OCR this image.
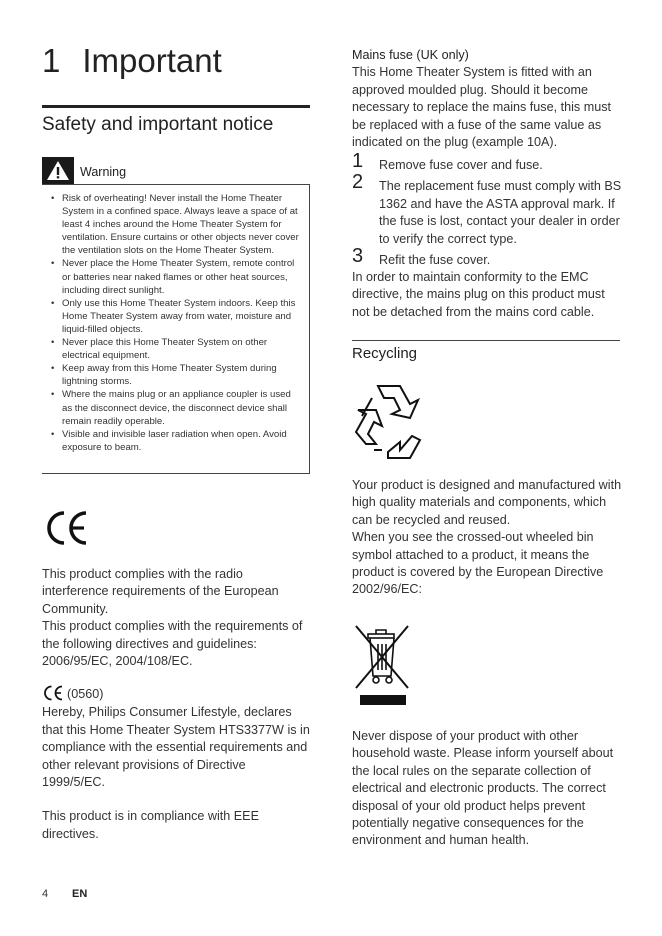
1 Important
Safety and important notice
Warning
• Risk of overheating! Never install the Home Theater System in a confined space. Always leave a space of at least 4 inches around the Home Theater System for ventilation. Ensure curtains or other objects never cover the ventilation slots on the Home Theater System.
• Never place the Home Theater System, remote control or batteries near naked flames or other heat sources, including direct sunlight.
• Only use this Home Theater System indoors. Keep this Home Theater System away from water, moisture and liquid-filled objects.
• Never place this Home Theater System on other electrical equipment.
• Keep away from this Home Theater System during lightning storms.
• Where the mains plug or an appliance coupler is used as the disconnect device, the disconnect device shall remain readily operable.
• Visible and invisible laser radiation when open. Avoid exposure to beam.

This product complies with the radio interference requirements of the European Community.

This product complies with the requirements of the following directives and guidelines: 2006/95/EC, 2004/108/EC.

(0560)

Hereby, Philips Consumer Lifestyle, declares that this Home Theater System HTS3377W is in compliance with the essential requirements and other relevant provisions of Directive 1999/5/EC.

This product is in compliance with EEE directives.

Mains fuse (UK only)

This Home Theater System is fitted with an approved moulded plug. Should it become necessary to replace the mains fuse, this must be replaced with a fuse of the same value as indicated on the plug (example 10A).

1 Remove fuse cover and fuse.
2 The replacement fuse must comply with BS 1362 and have the ASTA approval mark. If the fuse is lost, contact your dealer in order to verify the correct type.
3 Refit the fuse cover.
In order to maintain conformity to the EMC directive, the mains plug on this product must not be detached from the mains cord cable.
Recycling

Your product is designed and manufactured with high quality materials and components, which can be recycled and reused.

When you see the crossed-out wheeled bin symbol attached to a product, it means the product is covered by the European Directive 2002/96/EC:

Never dispose of your product with other household waste. Please inform yourself about the local rules on the separate collection of electrical and electronic products. The correct disposal of your old product helps prevent potentially negative consequences for the environment and human health.
4 EN
